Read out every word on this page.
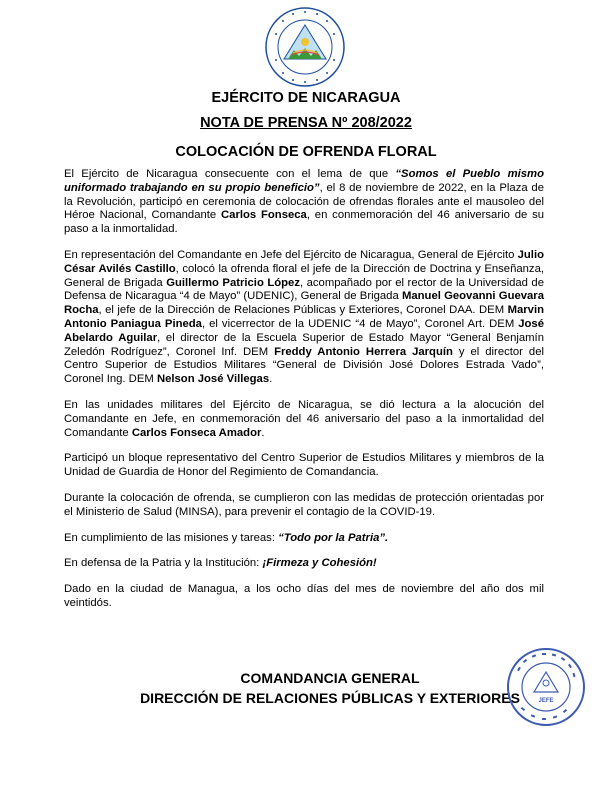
EJÉRCITO DE NICARAGUA
NOTA DE PRENSA Nº 208/2022
COLOCACIÓN DE OFRENDA FLORAL

El Ejército de Nicaragua consecuente con el lema de que “Somos el Pueblo mismo uniformado trabajando en su propio beneficio”, el 8 de noviembre de 2022, en la Plaza de la Revolución, participó en ceremonia de colocación de ofrendas florales ante el mausoleo del Héroe Nacional, Comandante Carlos Fonseca, en conmemoración del 46 aniversario de su paso a la inmortalidad.

En representación del Comandante en Jefe del Ejército de Nicaragua, General de Ejército Julio César Avilés Castillo, colocó la ofrenda floral el jefe de la Dirección de Doctrina y Enseñanza, General de Brigada Guillermo Patricio López, acompañado por el rector de la Universidad de Defensa de Nicaragua “4 de Mayo” (UDENIC), General de Brigada Manuel Geovanni Guevara Rocha, el jefe de la Dirección de Relaciones Públicas y Exteriores, Coronel DAA. DEM Marvin Antonio Paniagua Pineda, el vicerrector de la UDENIC “4 de Mayo”, Coronel Art. DEM José Abelardo Aguilar, el director de la Escuela Superior de Estado Mayor “General Benjamín Zeledón Rodríguez”, Coronel Inf. DEM Freddy Antonio Herrera Jarquín y el director del Centro Superior de Estudios Militares “General de División José Dolores Estrada Vado”, Coronel Ing. DEM Nelson José Villegas.

En las unidades militares del Ejército de Nicaragua, se dió lectura a la alocución del Comandante en Jefe, en conmemoración del 46 aniversario del paso a la inmortalidad del Comandante Carlos Fonseca Amador.

Participó un bloque representativo del Centro Superior de Estudios Militares y miembros de la Unidad de Guardia de Honor del Regimiento de Comandancia.

Durante la colocación de ofrenda, se cumplieron con las medidas de protección orientadas por el Ministerio de Salud (MINSA), para prevenir el contagio de la COVID-19.

En cumplimiento de las misiones y tareas: “Todo por la Patria”.

En defensa de la Patria y la Institución: ¡Firmeza y Cohesión!

Dado en la ciudad de Managua, a los ocho días del mes de noviembre del año dos mil veintidós.

COMANDANCIA GENERAL
DIRECCIÓN DE RELACIONES PÚBLICAS Y EXTERIORES	JEFE
